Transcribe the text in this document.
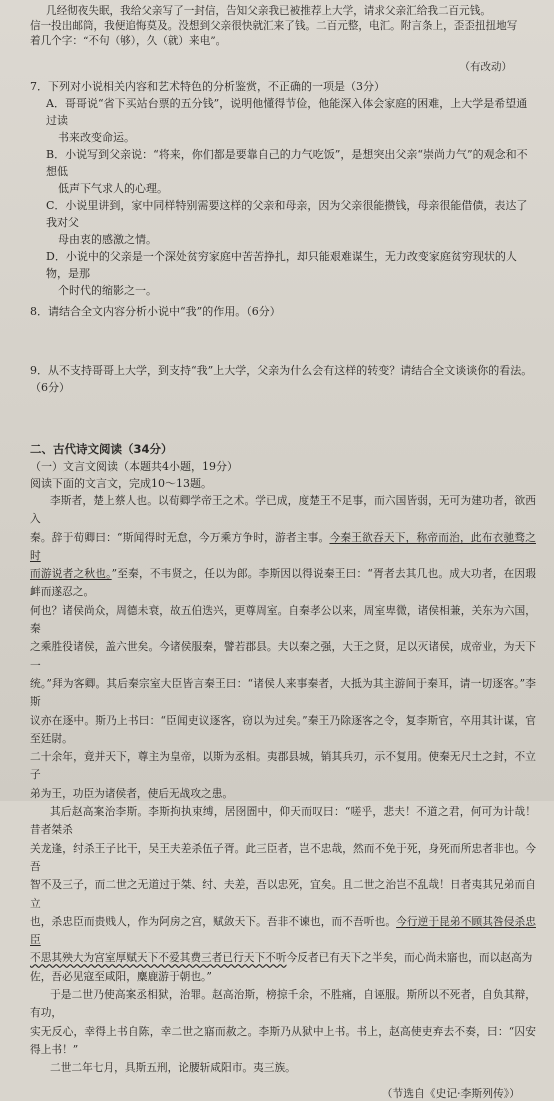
几经彻夜失眠，我给父亲写了一封信，告知父亲我已被推荐上大学，请求父亲汇给我二百元钱。

信一投出邮筒，我便追悔莫及。没想到父亲很快就汇来了钱。二百元整，电汇。附言条上，歪歪扭扭地写

着几个字：“不句（够），久（就）来电”。

（有改动）
7．下列对小说相关内容和艺术特色的分析鉴赏，不正确的一项是（3分）
A．哥哥说“省下买站台票的五分钱”，说明他懂得节俭，他能深入体会家庭的困难，上大学是希望通过读
书来改变命运。
B．小说写到父亲说：“将来，你们都是要靠自己的力气吃饭”，是想突出父亲“崇尚力气”的观念和不想低
低声下气求人的心理。
C．小说里讲到，家中同样特别需要这样的父亲和母亲，因为父亲很能攒钱，母亲很能借债，表达了我对父
母由衷的感激之情。
D．小说中的父亲是一个深处贫穷家庭中苦苦挣扎，却只能艰难谋生，无力改变家庭贫穷现状的人物，是那
个时代的缩影之一。
8．请结合全文内容分析小说中“我”的作用。（6分）
9．从不支持哥哥上大学，到支持“我”上大学，父亲为什么会有这样的转变？请结合全文谈谈你的看法。（6分）
二、古代诗文阅读（34分）
（一）文言文阅读（本题共4小题，19分）
阅读下面的文言文，完成10～13题。

李斯者，楚上蔡人也。以荀卿学帝王之术。学已成，度楚王不足事，而六国皆弱，无可为建功者，欲西入

秦。辞于荀卿曰：“斯闻得时无怠，今万乘方争时，游者主事。今秦王欲吞天下，称帝而治，此布衣驰骛之时

而游说者之秋也。”至秦，不韦贤之，任以为郎。李斯因以得说秦王曰：“胥者去其几也。成大功者，在因瑕衅而遂忍之。

何也？诸侯尚众，周德未衰，故五伯迭兴，更尊周室。自秦孝公以来，周室卑微，诸侯相兼，关东为六国，秦

之乘胜役诸侯，盖六世矣。今诸侯服秦，譬若郡县。夫以秦之强，大王之贤，足以灭诸侯，成帝业，为天下一

统。”拜为客卿。其后秦宗室大臣皆言秦王曰：“诸侯人来事秦者，大抵为其主游间于秦耳，请一切逐客。”李斯

议亦在逐中。斯乃上书曰：“臣闻吏议逐客，窃以为过矣。”秦王乃除逐客之令，复李斯官，卒用其计谋，官至廷尉。

二十余年，竟并天下，尊主为皇帝，以斯为丞相。夷郡县城，销其兵刃，示不复用。使秦无尺土之封，不立子

弟为王，功臣为诸侯者，使后无战攻之患。

其后赵高案治李斯。李斯拘执束缚，居囹圄中，仰天而叹曰：“嗟乎，悲夫！不道之君，何可为计哉！昔者桀杀

关龙逢，纣杀王子比干，吴王夫差杀伍子胥。此三臣者，岂不忠哉，然而不免于死，身死而所忠者非也。今吾

智不及三子，而二世之无道过于桀、纣、夫差，吾以忠死，宜矣。且二世之治岂不乱哉！日者夷其兄弟而自立

也，杀忠臣而贵贱人，作为阿房之宫，赋敛天下。吾非不谏也，而不吾听也。今行逆于昆弟不顾其咎侵杀忠臣

不思其殃大为宫室厚赋天下不爱其费三者已行天下不听今反者已有天下之半矣，而心尚未寤也，而以赵高为

佐，吾必见寇至咸阳，麋鹿游于朝也。”

于是二世乃使高案丞相狱，治罪。赵高治斯，榜掠千余，不胜痛，自诬服。斯所以不死者，自负其辩，有功，

实无反心，幸得上书自陈，幸二世之寤而赦之。李斯乃从狱中上书。书上，赵高使吏弃去不奏，曰：“囚安得上书！”

二世二年七月，具斯五刑，论腰斩咸阳市。夷三族。

（节选自《史记·李斯列传》）
